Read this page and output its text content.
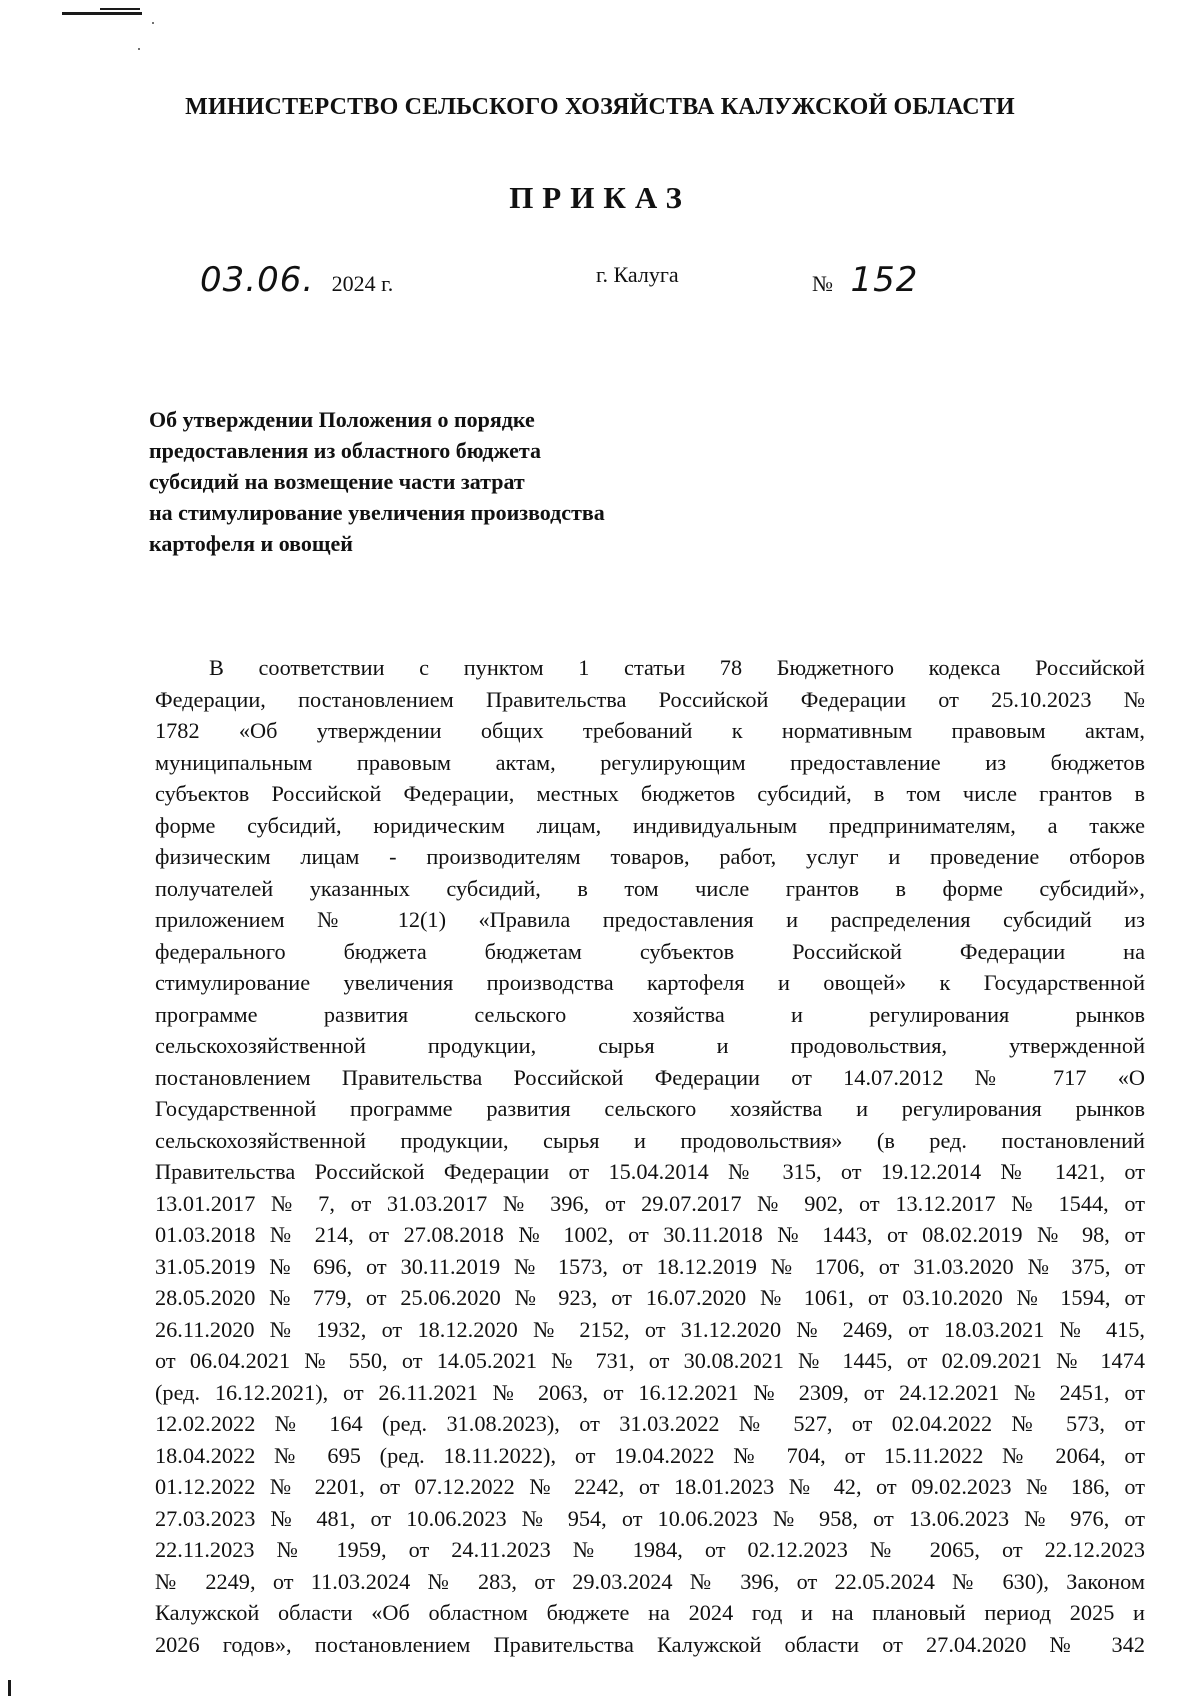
МИНИСТЕРСТВО СЕЛЬСКОГО ХОЗЯЙСТВА КАЛУЖСКОЙ ОБЛАСТИ
ПРИКАЗ
03.06. 2024 г.	г. Калуга	№ 152
Об утверждении Положения о порядке
предоставления из областного бюджета
субсидий на возмещение части затрат
на стимулирование увеличения производства
картофеля и овощей
В соответствии с пунктом 1 статьи 78 Бюджетного кодекса Российской
Федерации, постановлением Правительства Российской Федерации от 25.10.2023 №
1782 «Об утверждении общих требований к нормативным правовым актам,
муниципальным правовым актам, регулирующим предоставление из бюджетов
субъектов Российской Федерации, местных бюджетов субсидий, в том числе грантов в
форме субсидий, юридическим лицам, индивидуальным предпринимателям, а также
физическим лицам - производителям товаров, работ, услуг и проведение отборов
получателей указанных субсидий, в том числе грантов в форме субсидий»,
приложением № 12(1) «Правила предоставления и распределения субсидий из
федерального бюджета бюджетам субъектов Российской Федерации на
стимулирование увеличения производства картофеля и овощей» к Государственной
программе развития сельского хозяйства и регулирования рынков
сельскохозяйственной продукции, сырья и продовольствия, утвержденной
постановлением Правительства Российской Федерации от 14.07.2012 № 717 «О
Государственной программе развития сельского хозяйства и регулирования рынков
сельскохозяйственной продукции, сырья и продовольствия» (в ред. постановлений
Правительства Российской Федерации от 15.04.2014 № 315, от 19.12.2014 № 1421, от
13.01.2017 № 7, от 31.03.2017 № 396, от 29.07.2017 № 902, от 13.12.2017 № 1544, от
01.03.2018 № 214, от 27.08.2018 № 1002, от 30.11.2018 № 1443, от 08.02.2019 № 98, от
31.05.2019 № 696, от 30.11.2019 № 1573, от 18.12.2019 № 1706, от 31.03.2020 № 375, от
28.05.2020 № 779, от 25.06.2020 № 923, от 16.07.2020 № 1061, от 03.10.2020 № 1594, от
26.11.2020 № 1932, от 18.12.2020 № 2152, от 31.12.2020 № 2469, от 18.03.2021 № 415,
от 06.04.2021 № 550, от 14.05.2021 № 731, от 30.08.2021 № 1445, от 02.09.2021 № 1474
(ред. 16.12.2021), от 26.11.2021 № 2063, от 16.12.2021 № 2309, от 24.12.2021 № 2451, от
12.02.2022 № 164 (ред. 31.08.2023), от 31.03.2022 № 527, от 02.04.2022 № 573, от
18.04.2022 № 695 (ред. 18.11.2022), от 19.04.2022 № 704, от 15.11.2022 № 2064, от
01.12.2022 № 2201, от 07.12.2022 № 2242, от 18.01.2023 № 42, от 09.02.2023 № 186, от
27.03.2023 № 481, от 10.06.2023 № 954, от 10.06.2023 № 958, от 13.06.2023 № 976, от
22.11.2023 № 1959, от 24.11.2023 № 1984, от 02.12.2023 № 2065, от 22.12.2023
№ 2249, от 11.03.2024 № 283, от 29.03.2024 № 396, от 22.05.2024 № 630), Законом
Калужской области «Об областном бюджете на 2024 год и на плановый период 2025 и
2026 годов», постановлением Правительства Калужской области от 27.04.2020 № 342
